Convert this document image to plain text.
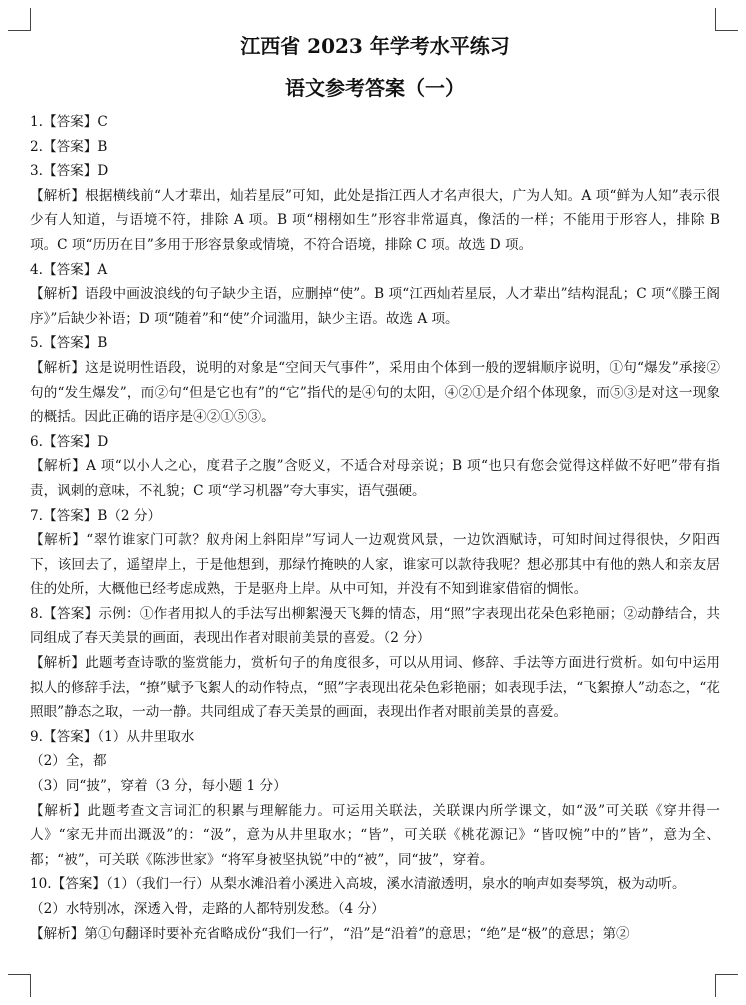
江西省 2023 年学考水平练习
语文参考答案（一）

1.【答案】C

2.【答案】B

3.【答案】D

【解析】根据横线前“人才辈出，灿若星辰”可知，此处是指江西人才名声很大，广为人知。A 项“鲜为人知”表示很少有人知道，与语境不符，排除 A 项。B 项“栩栩如生”形容非常逼真，像活的一样；不能用于形容人，排除 B 项。C 项“历历在目”多用于形容景象或情境，不符合语境，排除 C 项。故选 D 项。

4.【答案】A

【解析】语段中画波浪线的句子缺少主语，应删掉“使”。B 项“江西灿若星辰，人才辈出”结构混乱；C 项“《滕王阁序》”后缺少补语；D 项“随着”和“使”介词滥用，缺少主语。故选 A 项。

5.【答案】B

【解析】这是说明性语段，说明的对象是“空间天气事件”，采用由个体到一般的逻辑顺序说明，①句“爆发”承接②句的“发生爆发”，而②句“但是它也有”的“它”指代的是④句的太阳，④②①是介绍个体现象，而⑤③是对这一现象的概括。因此正确的语序是④②①⑤③。

6.【答案】D

【解析】A 项“以小人之心，度君子之腹”含贬义，不适合对母亲说；B 项“也只有您会觉得这样做不好吧”带有指责，讽刺的意味，不礼貌；C 项“学习机器”夸大事实，语气强硬。

7.【答案】B（2 分）

【解析】“翠竹谁家门可款？舣舟闲上斜阳岸”写词人一边观赏风景，一边饮酒赋诗，可知时间过得很快，夕阳西下，该回去了，遥望岸上，于是他想到，那绿竹掩映的人家，谁家可以款待我呢？想必那其中有他的熟人和亲友居住的处所，大概他已经考虑成熟，于是驱舟上岸。从中可知，并没有不知到谁家借宿的惆怅。

8.【答案】示例：①作者用拟人的手法写出柳絮漫天飞舞的情态，用“照”字表现出花朵色彩艳丽；②动静结合，共同组成了春天美景的画面，表现出作者对眼前美景的喜爱。（2 分）

【解析】此题考查诗歌的鉴赏能力，赏析句子的角度很多，可以从用词、修辞、手法等方面进行赏析。如句中运用拟人的修辞手法，“撩”赋予飞絮人的动作特点，“照”字表现出花朵色彩艳丽；如表现手法，“飞絮撩人”动态之，“花照眼”静态之取，一动一静。共同组成了春天美景的画面，表现出作者对眼前美景的喜爱。

9.【答案】（1）从井里取水

（2）全，都

（3）同“披”，穿着（3 分，每小题 1 分）

【解析】此题考查文言词汇的积累与理解能力。可运用关联法，关联课内所学课文，如“汲”可关联《穿井得一人》“家无井而出溉汲”的：“汲”，意为从井里取水；“皆”，可关联《桃花源记》“皆叹惋”中的”皆”，意为全、都；“被”，可关联《陈涉世家》“将军身被坚执锐”中的“被”，同“披”，穿着。

10.【答案】（1）（我们一行）从梨水滩沿着小溪进入高坡，溪水清澈透明，泉水的响声如奏琴筑，极为动听。

（2）水特别冰，深透入骨，走路的人都特别发愁。（4 分）

【解析】第①句翻译时要补充省略成份“我们一行”，“沿”是“沿着”的意思；“绝”是“极”的意思；第②
